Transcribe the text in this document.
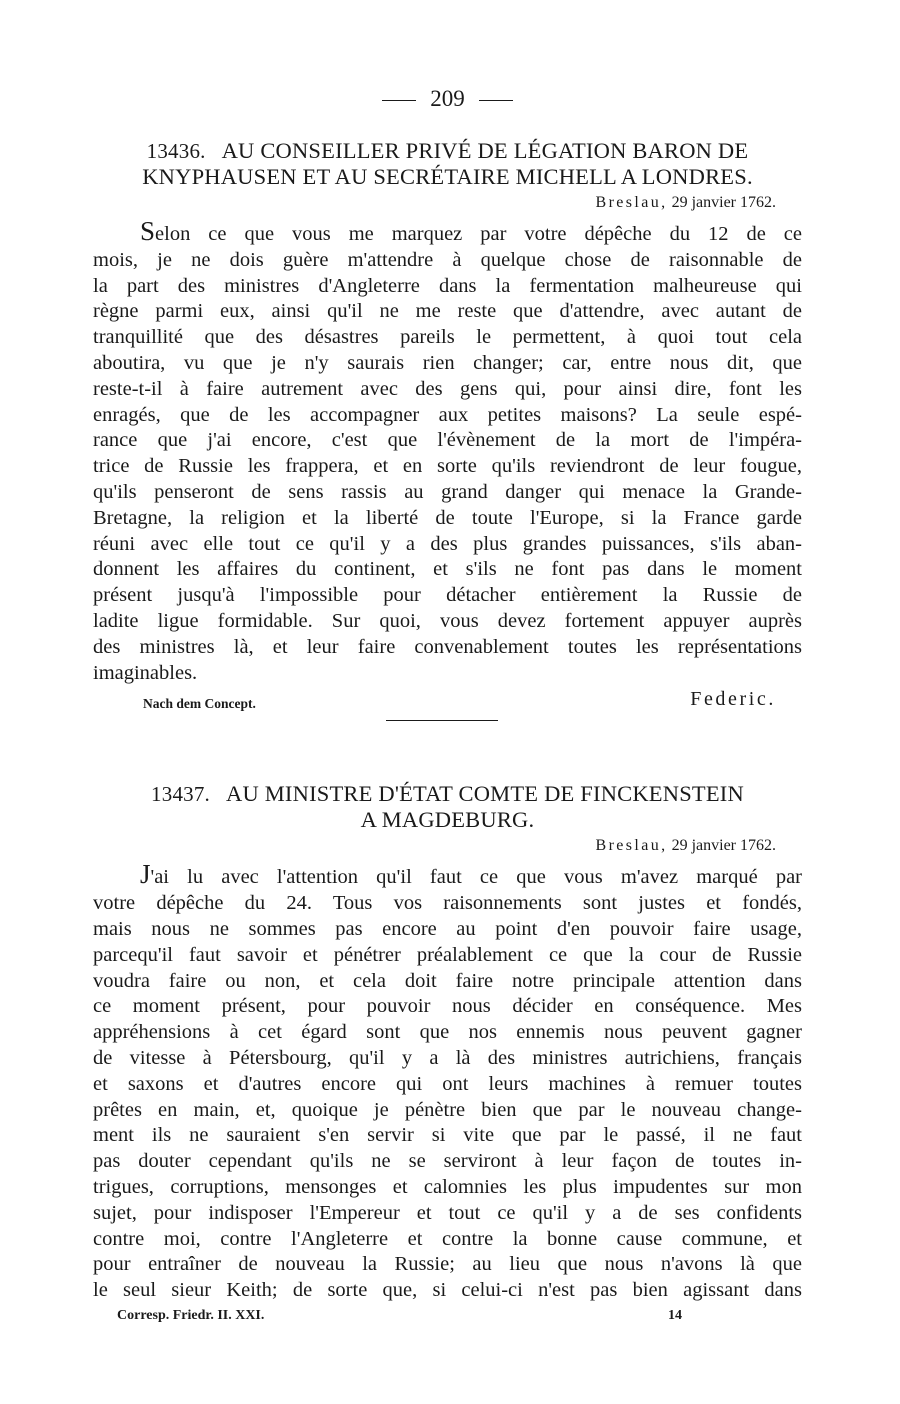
209
13436. AU CONSEILLER PRIVÉ DE LÉGATION BARON DE
KNYPHAUSEN ET AU SECRÉTAIRE MICHELL A LONDRES.
Breslau, 29 janvier 1762.
Selon ce que vous me marquez par votre dépêche du 12 de ce
mois, je ne dois guère m'attendre à quelque chose de raisonnable de
la part des ministres d'Angleterre dans la fermentation malheureuse qui
règne parmi eux, ainsi qu'il ne me reste que d'attendre, avec autant de
tranquillité que des désastres pareils le permettent, à quoi tout cela
aboutira, vu que je n'y saurais rien changer; car, entre nous dit, que
reste-t-il à faire autrement avec des gens qui, pour ainsi dire, font les
enragés, que de les accompagner aux petites maisons? La seule espé-
rance que j'ai encore, c'est que l'évènement de la mort de l'impéra-
trice de Russie les frappera, et en sorte qu'ils reviendront de leur fougue,
qu'ils penseront de sens rassis au grand danger qui menace la Grande-
Bretagne, la religion et la liberté de toute l'Europe, si la France garde
réuni avec elle tout ce qu'il y a des plus grandes puissances, s'ils aban-
donnent les affaires du continent, et s'ils ne font pas dans le moment
présent jusqu'à l'impossible pour détacher entièrement la Russie de
ladite ligue formidable. Sur quoi, vous devez fortement appuyer auprès
des ministres là, et leur faire convenablement toutes les représentations
imaginables.
Nach dem Concept.	Federic.
13437. AU MINISTRE D'ÉTAT COMTE DE FINCKENSTEIN
A MAGDEBURG.
Breslau, 29 janvier 1762.
J'ai lu avec l'attention qu'il faut ce que vous m'avez marqué par
votre dépêche du 24. Tous vos raisonnements sont justes et fondés,
mais nous ne sommes pas encore au point d'en pouvoir faire usage,
parcequ'il faut savoir et pénétrer préalablement ce que la cour de Russie
voudra faire ou non, et cela doit faire notre principale attention dans
ce moment présent, pour pouvoir nous décider en conséquence. Mes
appréhensions à cet égard sont que nos ennemis nous peuvent gagner
de vitesse à Pétersbourg, qu'il y a là des ministres autrichiens, français
et saxons et d'autres encore qui ont leurs machines à remuer toutes
prêtes en main, et, quoique je pénètre bien que par le nouveau change-
ment ils ne sauraient s'en servir si vite que par le passé, il ne faut
pas douter cependant qu'ils ne se serviront à leur façon de toutes in-
trigues, corruptions, mensonges et calomnies les plus impudentes sur mon
sujet, pour indisposer l'Empereur et tout ce qu'il y a de ses confidents
contre moi, contre l'Angleterre et contre la bonne cause commune, et
pour entraîner de nouveau la Russie; au lieu que nous n'avons là que
le seul sieur Keith; de sorte que, si celui-ci n'est pas bien agissant dans
Corresp. Friedr. II. XXI.	14
